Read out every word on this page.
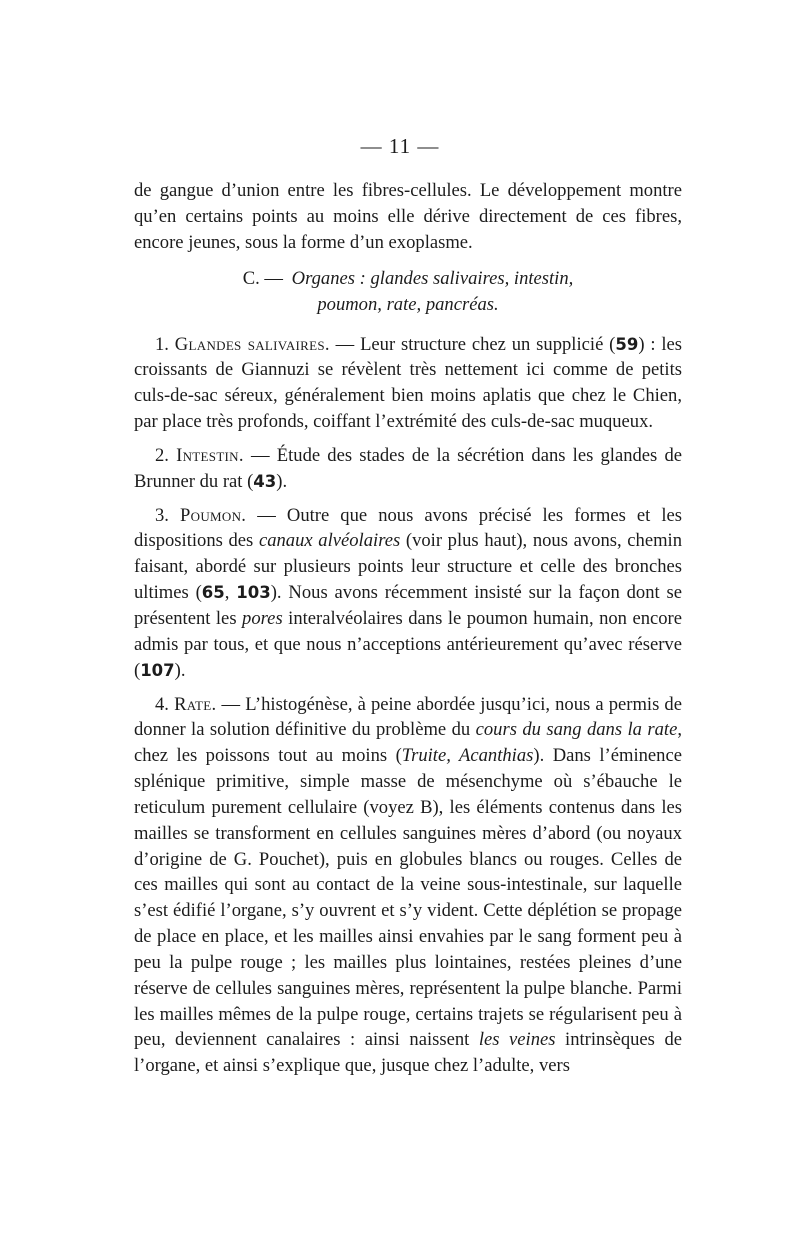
— 11 —

de gangue d’union entre les fibres-cellules. Le développement montre qu’en certains points au moins elle dérive directement de ces fibres, encore jeunes, sous la forme d’un exoplasme.

C. — Organes : glandes salivaires, intestin,
poumon, rate, pancréas.

1. Glandes salivaires. — Leur structure chez un supplicié (59) : les croissants de Giannuzi se révèlent très nettement ici comme de petits culs-de-sac séreux, généralement bien moins aplatis que chez le Chien, par place très profonds, coiffant l’extrémité des culs-de-sac muqueux.

2. Intestin. — Étude des stades de la sécrétion dans les glandes de Brunner du rat (43).

3. Poumon. — Outre que nous avons précisé les formes et les dispositions des canaux alvéolaires (voir plus haut), nous avons, chemin faisant, abordé sur plusieurs points leur structure et celle des bronches ultimes (65, 103). Nous avons récemment insisté sur la façon dont se présentent les pores interalvéolaires dans le poumon humain, non encore admis par tous, et que nous n’acceptions antérieurement qu’avec réserve (107).

4. Rate. — L’histogénèse, à peine abordée jusqu’ici, nous a permis de donner la solution définitive du problème du cours du sang dans la rate, chez les poissons tout au moins (Truite, Acanthias). Dans l’éminence splénique primitive, simple masse de mésenchyme où s’ébauche le reticulum purement cellulaire (voyez B), les éléments contenus dans les mailles se transforment en cellules sanguines mères d’abord (ou noyaux d’origine de G. Pouchet), puis en globules blancs ou rouges. Celles de ces mailles qui sont au contact de la veine sous-intestinale, sur laquelle s’est édifié l’organe, s’y ouvrent et s’y vident. Cette déplétion se propage de place en place, et les mailles ainsi envahies par le sang forment peu à peu la pulpe rouge ; les mailles plus lointaines, restées pleines d’une réserve de cellules sanguines mères, représentent la pulpe blanche. Parmi les mailles mêmes de la pulpe rouge, certains trajets se régularisent peu à peu, deviennent canalaires : ainsi naissent les veines intrinsèques de l’organe, et ainsi s’explique que, jusque chez l’adulte, vers
